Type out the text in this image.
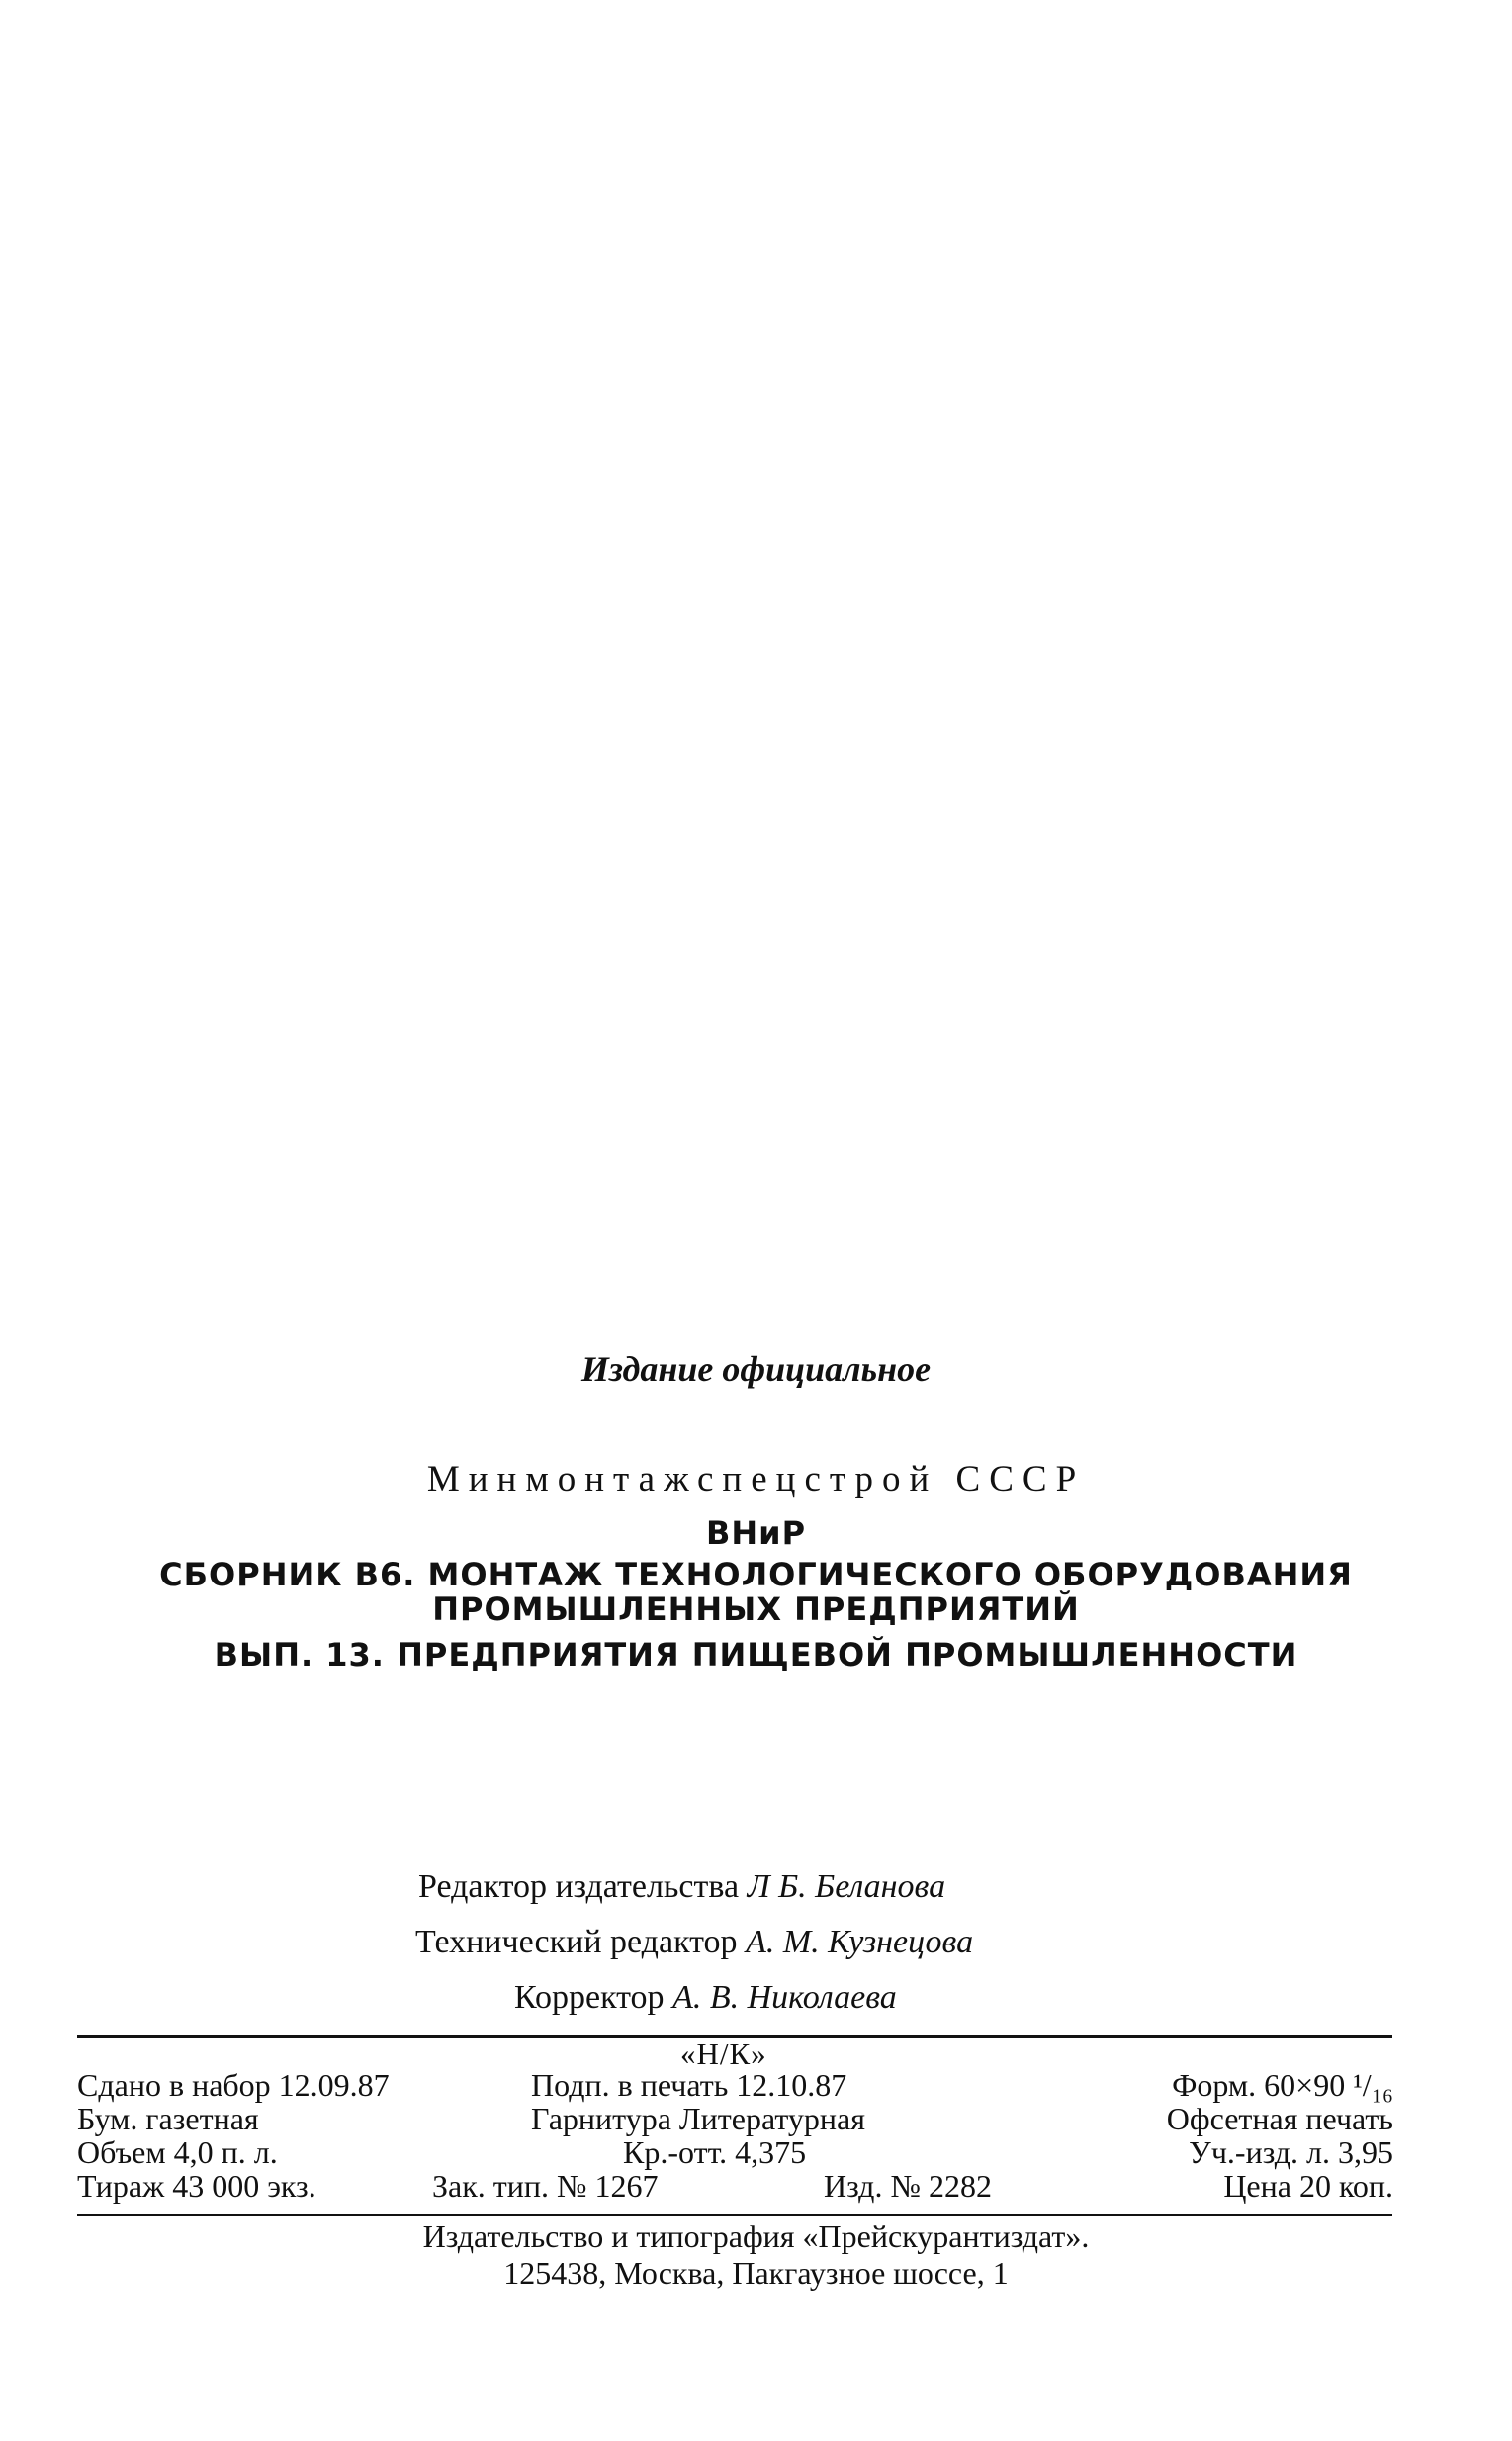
Издание официальное
Минмонтажспецстрой СССР
ВНиР
СБОРНИК В6. МОНТАЖ ТЕХНОЛОГИЧЕСКОГО ОБОРУДОВАНИЯ
ПРОМЫШЛЕННЫХ ПРЕДПРИЯТИЙ
ВЫП. 13. ПРЕДПРИЯТИЯ ПИЩЕВОЙ ПРОМЫШЛЕННОСТИ
Редактор издательства Л Б. Беланова
Технический редактор А. М. Кузнецова
Корректор А. В. Николаева
«Н/К»
Сдано в набор 12.09.87	Подп. в печать 12.10.87	Форм. 60×90 ¹/₁₆
Бум. газетная	Гарнитура Литературная	Офсетная печать
Объем 4,0 п. л.	Кр.-отт. 4,375	Уч.-изд. л. 3,95
Тираж 43 000 экз.	Зак. тип. № 1267	Изд. № 2282	Цена 20 коп.
Издательство и типография «Прейскурантиздат».
125438, Москва, Пакгаузное шоссе, 1
